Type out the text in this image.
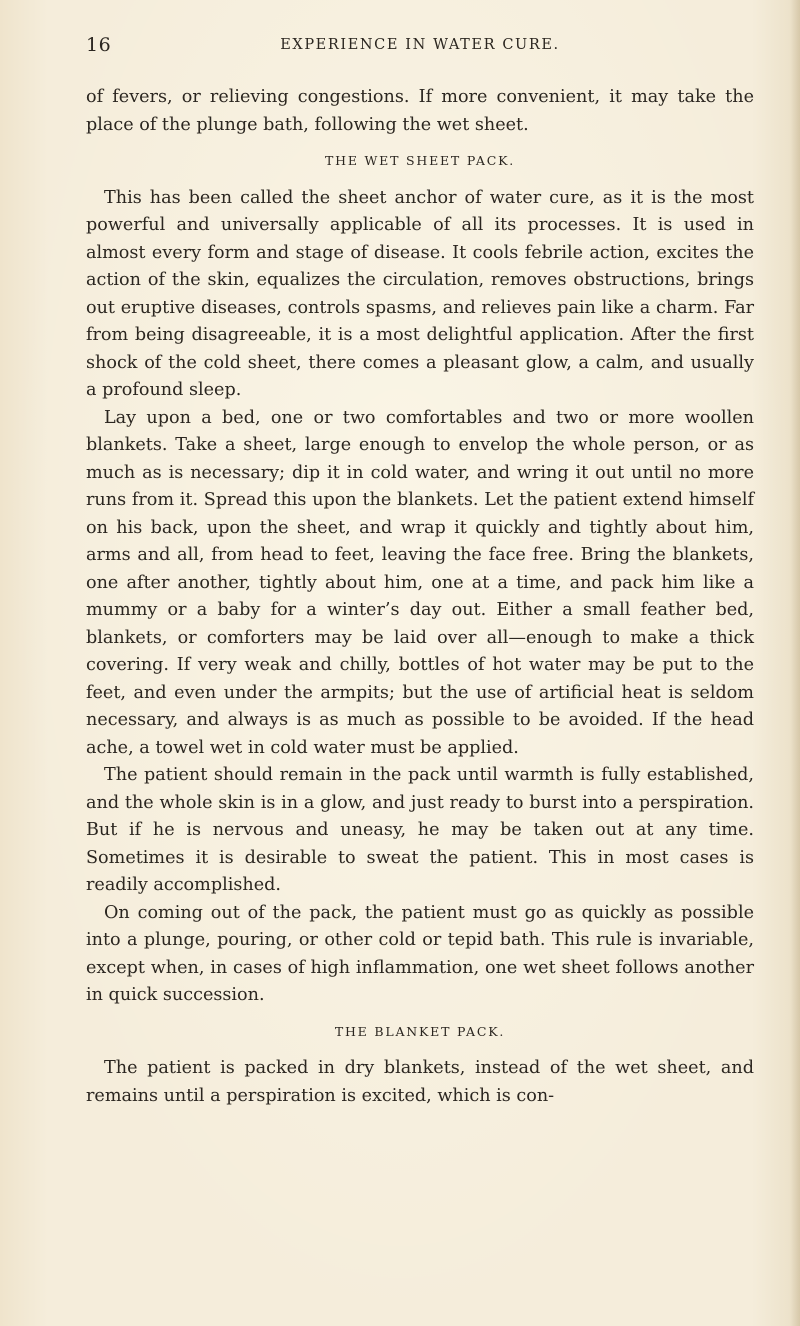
16	EXPERIENCE IN WATER CURE.

of fevers, or relieving congestions. If more convenient, it may take the place of the plunge bath, following the wet sheet.

THE WET SHEET PACK.

This has been called the sheet anchor of water cure, as it is the most powerful and universally applicable of all its processes. It is used in almost every form and stage of disease. It cools febrile action, excites the action of the skin, equalizes the circulation, removes obstructions, brings out eruptive diseases, controls spasms, and relieves pain like a charm. Far from being disagreeable, it is a most delightful application. After the first shock of the cold sheet, there comes a pleasant glow, a calm, and usually a profound sleep.

Lay upon a bed, one or two comfortables and two or more woollen blankets. Take a sheet, large enough to envelop the whole person, or as much as is necessary; dip it in cold water, and wring it out until no more runs from it. Spread this upon the blankets. Let the patient extend himself on his back, upon the sheet, and wrap it quickly and tightly about him, arms and all, from head to feet, leaving the face free. Bring the blankets, one after another, tightly about him, one at a time, and pack him like a mummy or a baby for a winter’s day out. Either a small feather bed, blankets, or comforters may be laid over all—enough to make a thick covering. If very weak and chilly, bottles of hot water may be put to the feet, and even under the armpits; but the use of artificial heat is seldom necessary, and always is as much as possible to be avoided. If the head ache, a towel wet in cold water must be applied.

The patient should remain in the pack until warmth is fully established, and the whole skin is in a glow, and just ready to burst into a perspiration. But if he is nervous and uneasy, he may be taken out at any time. Sometimes it is desirable to sweat the patient. This in most cases is readily accomplished.

On coming out of the pack, the patient must go as quickly as possible into a plunge, pouring, or other cold or tepid bath. This rule is invariable, except when, in cases of high inflammation, one wet sheet follows another in quick succession.

THE BLANKET PACK.

The patient is packed in dry blankets, instead of the wet sheet, and remains until a perspiration is excited, which is con-
